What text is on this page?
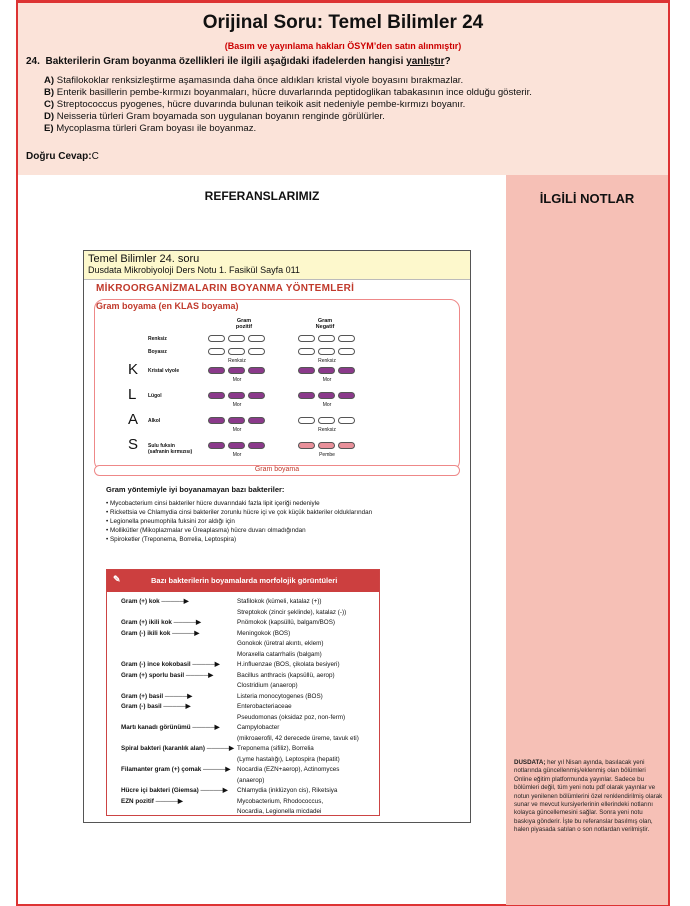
Orijinal Soru: Temel Bilimler 24
(Basım ve yayınlama hakları ÖSYM’den satın alınmıştır)
24. Bakterilerin Gram boyanma özellikleri ile ilgili aşağıdaki ifadelerden hangisi yanlıştır?
A) Stafilokoklar renksizleştirme aşamasında daha önce aldıkları kristal viyole boyasını bırakmazlar.
B) Enterik basillerin pembe-kırmızı boyanmaları, hücre duvarlarında peptidoglikan tabakasının ince olduğu gösterir.
C) Streptococcus pyogenes, hücre duvarında bulunan teikoik asit nedeniyle pembe-kırmızı boyanır.
D) Neisseria türleri Gram boyamada son uygulanan boyanın renginde görülürler.
E) Mycoplasma türleri Gram boyası ile boyanmaz.
Doğru Cevap:C
REFERANSLARIMIZ	İLGİLİ NOTLAR
DUSDATA; her yıl Nisan ayında, basılacak yeni notlarında güncellenmiş/eklenmiş olan bölümleri Online eğitim platformunda yayınlar. Sadece bu bölümleri değil, tüm yeni notu pdf olarak yayınlar ve notun yenilenen bölümlerini özel renklendirilmiş olarak sunar ve mevcut kursiyerlerinin ellerindeki notlarını kolayca güncellemesini sağlar. Sonra yeni notu baskıya gönderir. İşte bu referanslar basılmış olan, halen piyasada satılan o son notlardan verilmiştir.
Temel Bilimler 24. soru
Dusdata Mikrobiyoloji Ders Notu 1. Fasikül Sayfa 011
MİKROORGANİZMALARIN BOYANMA YÖNTEMLERİ
Gram boyama (en KLAS boyama)
Gram
pozitif
Gram
Negatif
Renksiz
Boyasız
Renksiz	Renksiz
Kristal viyole
K
Mor	Mor
Lügol
L
Mor	Mor
Alkol
A
Mor	Renksiz
Sulu fuksin (safranin kırmızısı)
S
Mor	Pembe
Gram boyama
Gram yöntemiyle iyi boyanamayan bazı bakteriler:
• Mycobacterium cinsi bakteriler hücre duvarındaki fazla lipit içeriği nedeniyle
• Rickettsia ve Chlamydia cinsi bakteriler zorunlu hücre içi ve çok küçük bakteriler olduklarından
• Legionella pneumophila fuksini zor aldığı için
• Mollikütler (Mikoplazmalar ve Üreaplasma) hücre duvarı olmadığından
• Spiroketler (Treponema, Borrelia, Leptospira)
✎	Bazı bakterilerin boyamalarda morfolojik görüntüleri
Gram (+) kok ─────▶	Stafilokok (kümeli, katalaz (+))
Streptokok (zincir şeklinde), katalaz (-))
Gram (+) ikili kok ─────▶	Pnömokok (kapsüllü, balgam/BOS)
Gram (-) ikili kok ─────▶	Meningokok (BOS)
Gonokok (üretral akıntı, eklem)
Moraxella catarrhalis (balgam)
Gram (-) ince kokobasil ─────▶	H.influenzae (BOS, çikolata besiyeri)
Gram (+) sporlu basil ─────▶	Bacillus anthracis (kapsüllü, aerop)
Clostridium (anaerop)
Gram (+) basil ─────▶	Listeria monocytogenes (BOS)
Gram (-) basil ─────▶	Enterobacteriaceae
Pseudomonas (oksidaz poz, non-ferm)
Martı kanadı görünümü ─────▶	Campylobacter
(mikroaerofil, 42 derecede üreme, tavuk eti)
Spiral bakteri (karanlık alan) ─────▶ Treponema (sifiliz), Borrelia
(Lyme hastalığı), Leptospira (hepatit)
Filamanter gram (+) çomak ─────▶ Nocardia (EZN+aerop), Actinomyces
(anaerop)
Hücre içi bakteri (Giemsa) ─────▶ Chlamydia (inklüzyon cis), Riketsiya
EZN pozitif ─────▶	Mycobacterium, Rhodococcus,
Nocardia, Legionella micdadei
